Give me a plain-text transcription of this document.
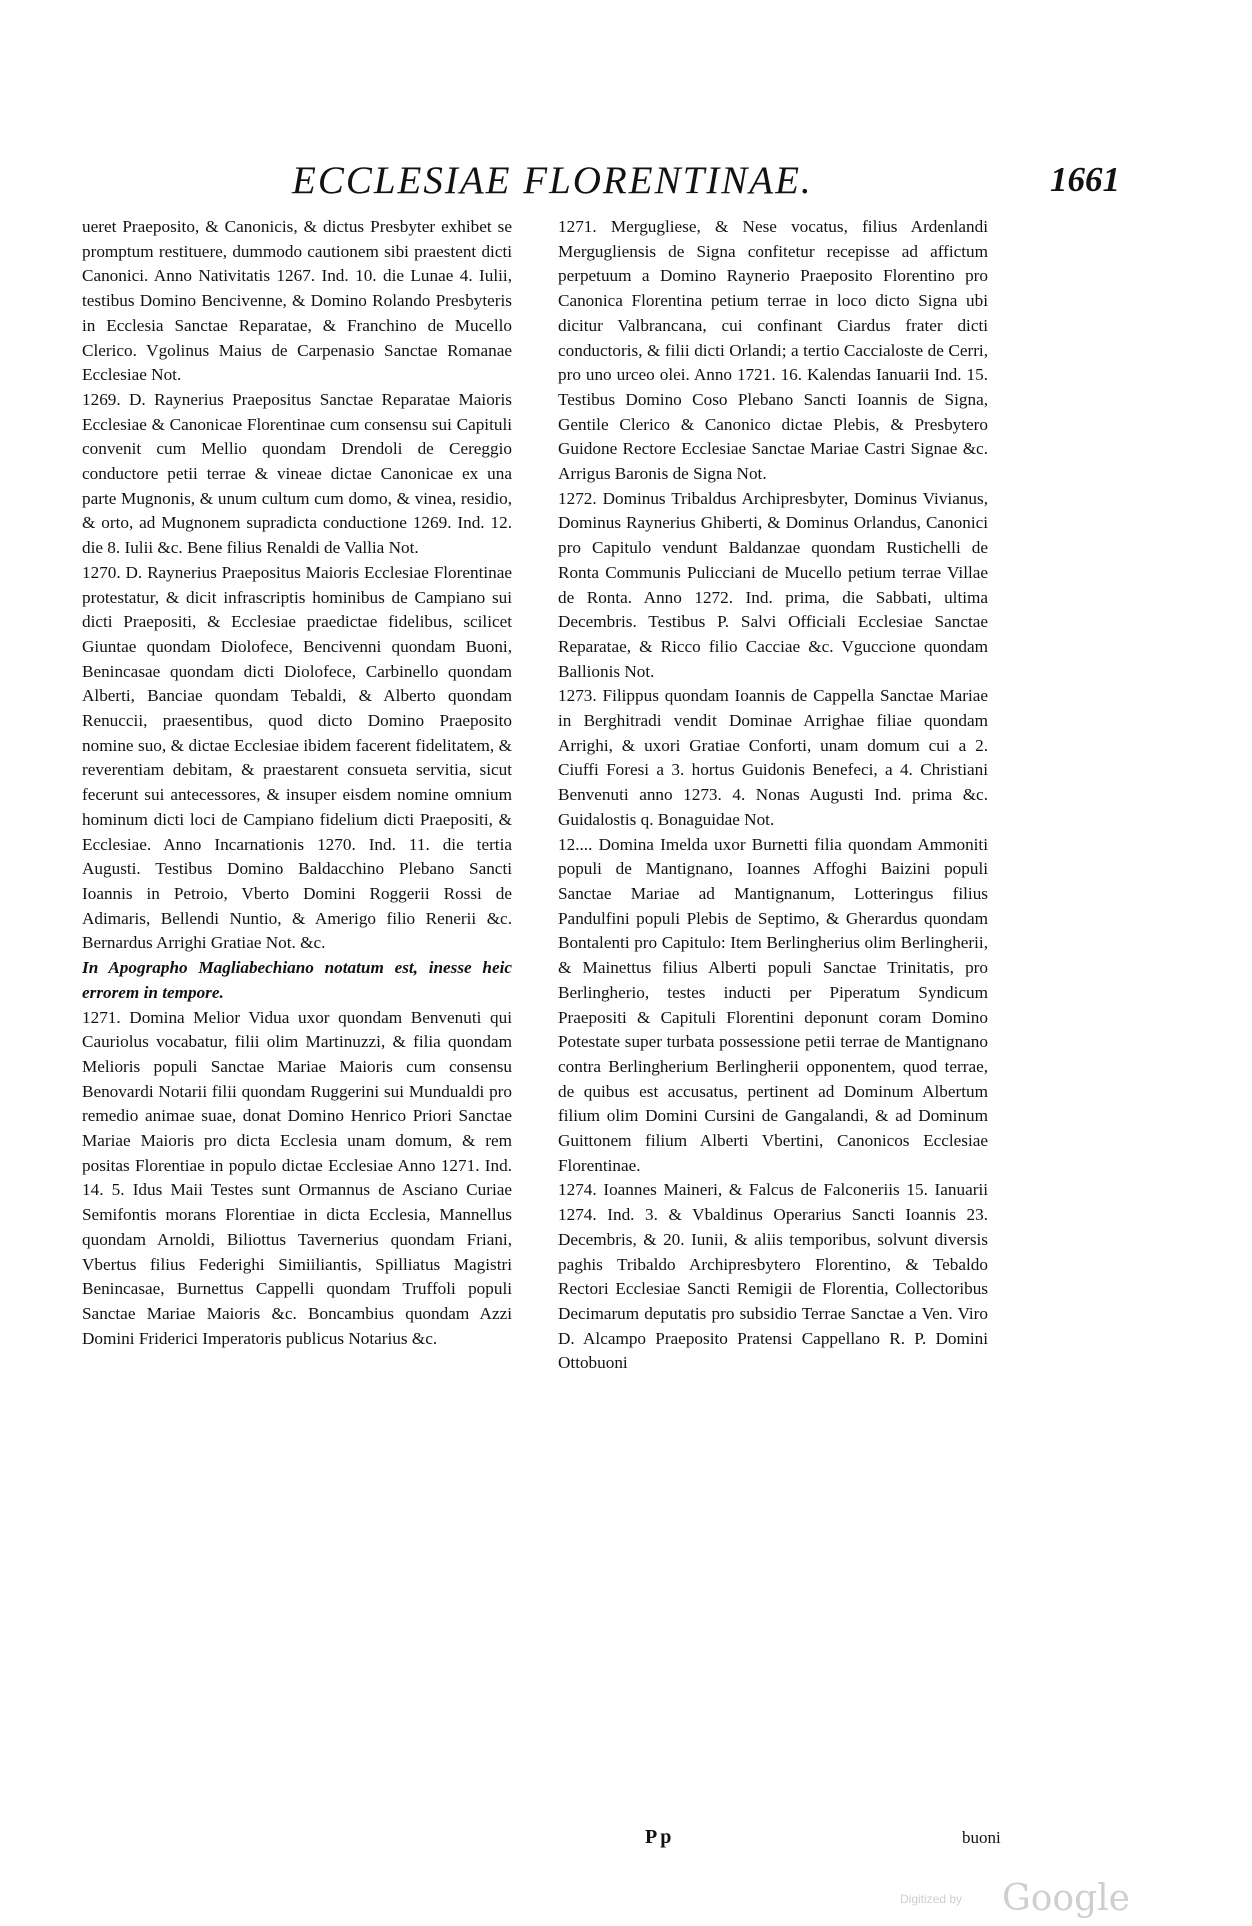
ECCLESIAE FLORENTINAE.	1661

ueret Praeposito, & Canonicis, & dictus Presbyter exhibet se promptum restituere, dummodo cautionem sibi praestent dicti Canonici. Anno Nativitatis 1267. Ind. 10. die Lunae 4. Iulii, testibus Domino Bencivenne, & Domino Rolando Presbyteris in Ecclesia Sanctae Reparatae, & Franchino de Mucello Clerico. Vgolinus Maius de Carpenasio Sanctae Romanae Ecclesiae Not.

1269. D. Raynerius Praepositus Sanctae Reparatae Maioris Ecclesiae & Canonicae Florentinae cum consensu sui Capituli convenit cum Mellio quondam Drendoli de Cereggio conductore petii terrae & vineae dictae Canonicae ex una parte Mugnonis, & unum cultum cum domo, & vinea, residio, & orto, ad Mugnonem supradicta conductione 1269. Ind. 12. die 8. Iulii &c. Bene filius Renaldi de Vallia Not.

1270. D. Raynerius Praepositus Maioris Ecclesiae Florentinae protestatur, & dicit infrascriptis hominibus de Campiano sui dicti Praepositi, & Ecclesiae praedictae fidelibus, scilicet Giuntae quondam Diolofece, Bencivenni quondam Buoni, Benincasae quondam dicti Diolofece, Carbinello quondam Alberti, Banciae quondam Tebaldi, & Alberto quondam Renuccii, praesentibus, quod dicto Domino Praeposito nomine suo, & dictae Ecclesiae ibidem facerent fidelitatem, & reverentiam debitam, & praestarent consueta servitia, sicut fecerunt sui antecessores, & insuper eisdem nomine omnium hominum dicti loci de Campiano fidelium dicti Praepositi, & Ecclesiae. Anno Incarnationis 1270. Ind. 11. die tertia Augusti. Testibus Domino Baldacchino Plebano Sancti Ioannis in Petroio, Vberto Domini Roggerii Rossi de Adimaris, Bellendi Nuntio, & Amerigo filio Renerii &c. Bernardus Arrighi Gratiae Not. &c.

In Apographo Magliabechiano notatum est, inesse heic errorem in tempore.

1271. Domina Melior Vidua uxor quondam Benvenuti qui Cauriolus vocabatur, filii olim Martinuzzi, & filia quondam Melioris populi Sanctae Mariae Maioris cum consensu Benovardi Notarii filii quondam Ruggerini sui Mundualdi pro remedio animae suae, donat Domino Henrico Priori Sanctae Mariae Maioris pro dicta Ecclesia unam domum, & rem positas Florentiae in populo dictae Ecclesiae Anno 1271. Ind. 14. 5. Idus Maii Testes sunt Ormannus de Asciano Curiae Semifontis morans Florentiae in dicta Ecclesia, Mannellus quondam Arnoldi, Biliottus Tavernerius quondam Friani, Vbertus filius Federighi Simiiliantis, Spilliatus Magistri Benincasae, Burnettus Cappelli quondam Truffoli populi Sanctae Mariae Maioris &c. Boncambius quondam Azzi Domini Friderici Imperatoris publicus Notarius &c.

1271. Mergugliese, & Nese vocatus, filius Ardenlandi Mergugliensis de Signa confitetur recepisse ad affictum perpetuum a Domino Raynerio Praeposito Florentino pro Canonica Florentina petium terrae in loco dicto Signa ubi dicitur Valbrancana, cui confinant Ciardus frater dicti conductoris, & filii dicti Orlandi; a tertio Caccialoste de Cerri, pro uno urceo olei. Anno 1721. 16. Kalendas Ianuarii Ind. 15. Testibus Domino Coso Plebano Sancti Ioannis de Signa, Gentile Clerico & Canonico dictae Plebis, & Presbytero Guidone Rectore Ecclesiae Sanctae Mariae Castri Signae &c. Arrigus Baronis de Signa Not.

1272. Dominus Tribaldus Archipresbyter, Dominus Vivianus, Dominus Raynerius Ghiberti, & Dominus Orlandus, Canonici pro Capitulo vendunt Baldanzae quondam Rustichelli de Ronta Communis Pulicciani de Mucello petium terrae Villae de Ronta. Anno 1272. Ind. prima, die Sabbati, ultima Decembris. Testibus P. Salvi Officiali Ecclesiae Sanctae Reparatae, & Ricco filio Cacciae &c. Vguccione quondam Ballionis Not.

1273. Filippus quondam Ioannis de Cappella Sanctae Mariae in Berghitradi vendit Dominae Arrighae filiae quondam Arrighi, & uxori Gratiae Conforti, unam domum cui a 2. Ciuffi Foresi a 3. hortus Guidonis Benefeci, a 4. Christiani Benvenuti anno 1273. 4. Nonas Augusti Ind. prima &c. Guidalostis q. Bonaguidae Not.

12.... Domina Imelda uxor Burnetti filia quondam Ammoniti populi de Mantignano, Ioannes Affoghi Baizini populi Sanctae Mariae ad Mantignanum, Lotteringus filius Pandulfini populi Plebis de Septimo, & Gherardus quondam Bontalenti pro Capitulo: Item Berlingherius olim Berlingherii, & Mainettus filius Alberti populi Sanctae Trinitatis, pro Berlingherio, testes inducti per Piperatum Syndicum Praepositi & Capituli Florentini deponunt coram Domino Potestate super turbata possessione petii terrae de Mantignano contra Berlingherium Berlingherii opponentem, quod terrae, de quibus est accusatus, pertinent ad Dominum Albertum filium olim Domini Cursini de Gangalandi, & ad Dominum Guittonem filium Alberti Vbertini, Canonicos Ecclesiae Florentinae.

1274. Ioannes Maineri, & Falcus de Falconeriis 15. Ianuarii 1274. Ind. 3. & Vbaldinus Operarius Sancti Ioannis 23. Decembris, & 20. Iunii, & aliis temporibus, solvunt diversis paghis Tribaldo Archipresbytero Florentino, & Tebaldo Rectori Ecclesiae Sancti Remigii de Florentia, Collectoribus Decimarum deputatis pro subsidio Terrae Sanctae a Ven. Viro D. Alcampo Praeposito Pratensi Cappellano R. P. Domini Ottobuoni

Pp	buoni
Digitized by Google
